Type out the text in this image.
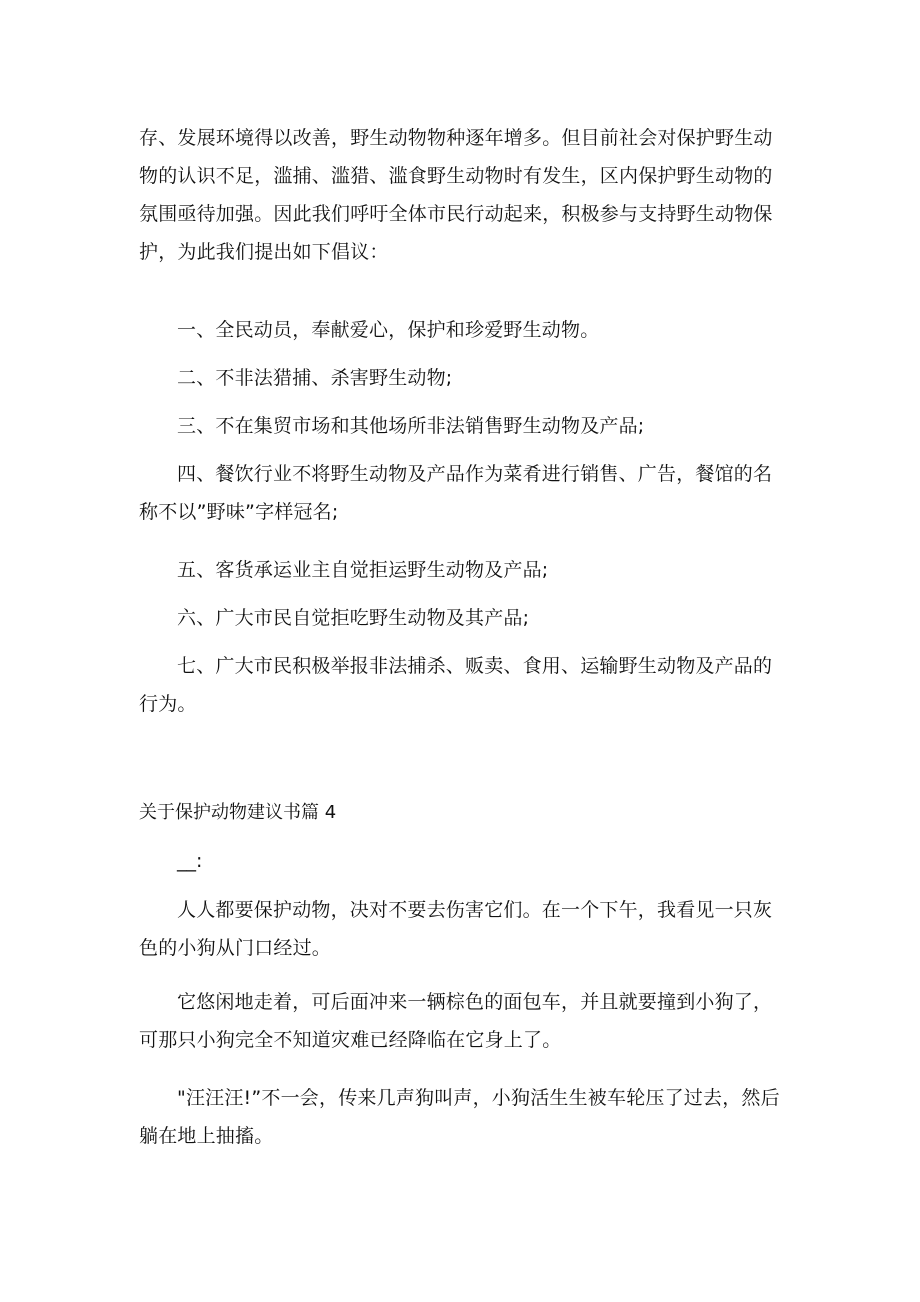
存、发展环境得以改善，野生动物物种逐年增多。但目前社会对保护野生动物的认识不足，滥捕、滥猎、滥食野生动物时有发生，区内保护野生动物的氛围亟待加强。因此我们呼吁全体市民行动起来，积极参与支持野生动物保护，为此我们提出如下倡议：

一、全民动员，奉献爱心，保护和珍爱野生动物。

二、不非法猎捕、杀害野生动物;

三、不在集贸市场和其他场所非法销售野生动物及产品;

四、餐饮行业不将野生动物及产品作为菜肴进行销售、广告，餐馆的名称不以”野味”字样冠名;

五、客货承运业主自觉拒运野生动物及产品;

六、广大市民自觉拒吃野生动物及其产品;

七、广大市民积极举报非法捕杀、贩卖、食用、运输野生动物及产品的行为。

关于保护动物建议书篇 4

__:

人人都要保护动物，决对不要去伤害它们。在一个下午，我看见一只灰色的小狗从门口经过。

它悠闲地走着，可后面冲来一辆棕色的面包车，并且就要撞到小狗了，可那只小狗完全不知道灾难已经降临在它身上了。

"汪汪汪!”不一会，传来几声狗叫声，小狗活生生被车轮压了过去，然后躺在地上抽搐。
